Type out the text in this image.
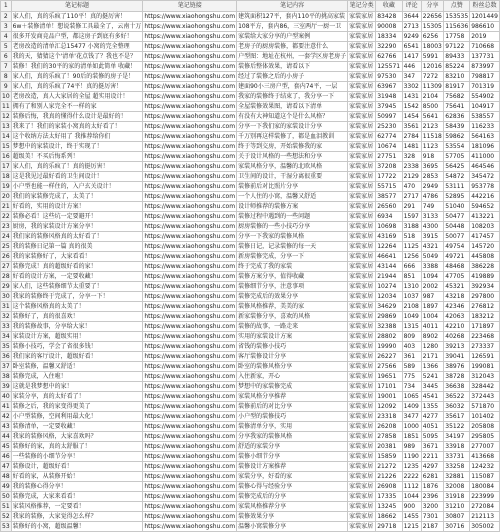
1	笔记标题	笔记链接	笔记内容	笔记分类	收藏	评论	分享	点赞	粉丝总数
2	家人们，真的乐疯了110平！真的挺厉害！	https://www.xiaohongshu.com	建筑面积127平，套内110平的挑高家装	家装家居	83428	3644	22656	153535	1201449
3	6w＋装修清单！想说装修工具最全了，云南十万	https://www.xiaohongshu.com	108平方，套内86，三室两厅一厨一卫	家装家居	90008	2713	15305	115636	986610
4	很多开发商竞品户型，都这房子到底有多好！	https://www.xiaohongshu.com	家装给大家分享的户型案例	家装家居	18334	9249	6256	17758	2019
5	老房改造的清单汇总15477 小窝的完全整理	https://www.xiaohongshu.com	老房子的厨房装修，都要注意什么	家装家居	32290	6541	18003	97122	710668
6	我的天，猜猜这个'清单'花点钱了？我也不是？	https://www.xiaohongshu.com	户型图：地址在杭州，一套学区房老房子	家装家居	62766	1417	5991	89433	137731
7	装修！我们的30平的家的清单如此简单 收藏！	https://www.xiaohongshu.com	装修后整体效果，请看以下	家装家居	125571	446	12016	85224	873997
8	家人们，真的乐疯了！90后的装修的房子是！	https://www.xiaohongshu.com	经过了装修之后的小房子	家装家居	97530	347	7272	83210	798817
9	家人们，真的乐疯了74平！真的挺厉害！	https://www.xiaohongshu.com	建面90小三房户型，套内74平，一层	家装家居	63967	3302	11309	81917	701319
10	老房改造，真人大家居的全屋 超实用设计！	https://www.xiaohongshu.com	我家的装修终于结束了，我分享一下	家装家居	31948	1431	2104	75682	554902
11	拥有了和别人家完全不一样的家	https://www.xiaohongshu.com	全屋装修效果图，请看以下清单	家装家居	37945	1542	8500	75641	104917
12	装修后悔，我真的懂得什么设计是最好的！	https://www.xiaohongshu.com	有没有大神知道这个是什么风格？	家装家居	50997	1454	5641	62836	538557
13	我来了！我们的家装小窝真的太好看了！	https://www.xiaohongshu.com	分享一下我们家的家装设计分享	家装家居	25230	3561	2123	58439	116233
14	这个收纳方法太好用了 我推荐给你们	https://www.xiaohongshu.com	千万别再这样装修了，都是血泪教训	家装家居	62774	2784	11518	59862	564163
15	梦想中的家装设计，终于实现了！	https://www.xiaohongshu.com	终于等到交房，开始装修我的家	家装家居	10674	1481	1123	53554	181096
16	超级美！不买后悔系列！	https://www.xiaohongshu.com	关于设计风格的一些想法和分享	家装家居	27751	328	918	57705	411000
17	家人们，真的乐疯了！真的挺厉害！	https://www.xiaohongshu.com	家装风格分享，温馨的北欧风格	家装家居	37208	2338	3695	56425	464546
18	这是我见过最好看的卫生间设计！	https://www.xiaohongshu.com	卫生间的设计，干湿分离很重要	家装家居	17722	2129	2853	54872	345472
19	小户型也能一样住的，入户玄关设计！	https://www.xiaohongshu.com	装修前后对比照片分享	家装家居	55715	470	2949	53111	953778
20	我们的家装修完成了，太美了！	https://www.xiaohongshu.com	一个人住的小窝，温馨又舒适	家装家居	38577	2717	4786	52895	442216
21	好看的，实用的设计方案！	https://www.xiaohongshu.com	设计师推荐的装修方案	家装家居	26560	291	749	51040	594652
22	装修必看！这些坑一定要避开！	https://www.xiaohongshu.com	装修过程中遇到的一些问题	家装家居	6934	1597	3133	50477	413221
23	厨房，我的家装设计方案分享！	https://www.xiaohongshu.com	厨房装修的一些小技巧分享	家装家居	10698	3188	4300	50448	108203
24	我们家的装修风格真的太好看了！	https://www.xiaohongshu.com	分享一下我家的装修风格	家装家居	43169	518	3915	50077	417457
25	我的装修日记第一篇 真的很美	https://www.xiaohongshu.com	装修日记，记录装修的每一天	家装家居	12264	1125	4321	49754	145720
26	我的家装修好了，大家看看！	https://www.xiaohongshu.com	新房装修完成，分享一下	家装家居	46641	1256	5049	49721	445808
27	装修完成！真的超级好看的家！	https://www.xiaohongshu.com	终于完成了我的家装	家装家居	43144	666	3388	48468	386228
28	好看的设计方案，一定要收藏！	https://www.xiaohongshu.com	装修方案分享，值得收藏	家装家居	21944	851	1094	47705	419889
29	家人们，这些装修细节太重要了！	https://www.xiaohongshu.com	装修细节分享，注意事项	家装家居	10274	1310	2002	45321	392934
30	我家的装修终于完成了，分享一下！	https://www.xiaohongshu.com	装修完成后的效果分享	家装家居	12034	1037	987	43218	297800
31	这个装修风格真的太美了！	https://www.xiaohongshu.com	装修风格推荐，美美的家	家装家居	34629	2108	1897	42346	276812
32	装修好了，真的很喜欢！	https://www.xiaohongshu.com	新家装修分享，喜欢的风格	家装家居	29869	1049	1004	42063	183212
33	我的装修故事，分享给大家！	https://www.xiaohongshu.com	装修的故事，一路走来	家装家居	32388	1315	4011	42210	171897
34	家装设计方案，超级实用！	https://www.xiaohongshu.com	实用的家装设计方案	家装家居	28802	809	8902	40268	223468
35	装修小技巧，学会了省很多钱！	https://www.xiaohongshu.com	省钱的装修小技巧	家装家居	19990	403	1280	39213	273337
36	我们家的客厅设计，超级好看！	https://www.xiaohongshu.com	客厅装修设计分享	家装家居	26227	361	2171	39041	126591
37	卧室装修，温馨又舒适！	https://www.xiaohongshu.com	卧室的装修风格分享	家装家居	27566	589	1366	38976	199081
38	装修完成，入住啦！	https://www.xiaohongshu.com	入住新家，开心	家装家居	19651	775	5241	38728	312043
39	这就是我梦想中的家！	https://www.xiaohongshu.com	梦想中的家装修完成	家装家居	17101	734	3445	36638	328442
40	家装分享，真的太好看了！	https://www.xiaohongshu.com	家装风格分享推荐	家装家居	19001	1065	4541	36522	372443
41	装修之后，我的家变得更美了	https://www.xiaohongshu.com	装修前后的对比分享	家装家居	12092	1409	1355	36032	571870
42	小户型装修，空间利用最大化！	https://www.xiaohongshu.com	小户型的装修技巧	家装家居	23318	3477	4277	35617	101402
43	装修清单，一定要收藏！	https://www.xiaohongshu.com	装修清单分享，实用	家装家居	26208	1000	4051	35122	205808
44	我家的装修风格，大家喜欢吗？	https://www.xiaohongshu.com	分享我家的装修风格	家装家居	27858	1851	5095	34197	295805
45	装修好的家，真的太舒服了！	https://www.xiaohongshu.com	舒适的家装分享	家装家居	20381	989	3671	33918	277007
46	一些装修的小细节分享！	https://www.xiaohongshu.com	装修小细节分享	家装家居	15859	1190	2211	33731	413668
47	装修设计，超级好看！	https://www.xiaohongshu.com	装修设计方案推荐	家装家居	21272	1235	4297	33258	124232
48	好看的家，从装修开始！	https://www.xiaohongshu.com	家装分享，好看的家	家装家居	21226	2222	6281	32881	115087
49	我的装修心得分享！	https://www.xiaohongshu.com	装修心得与经验分享	家装家居	26908	1112	1876	32008	180084
50	装修完成，大家来看看！	https://www.xiaohongshu.com	装修完成后的分享	家装家居	17335	1044	2396	31918	223999
51	家装风格推荐，一定要看！	https://www.xiaohongshu.com	家装风格推荐分享	家装家居	13245	900	3200	31210	272084
52	我家的装修，大家觉得怎么样？	https://www.xiaohongshu.com	装修效果分享	家装家居	18662	1455	7301	30807	212113
53	装修好的小窝，超级温馨！	https://www.xiaohongshu.com	温馨小窝装修分享	家装家居	29718	1215	2187	30716	305002
